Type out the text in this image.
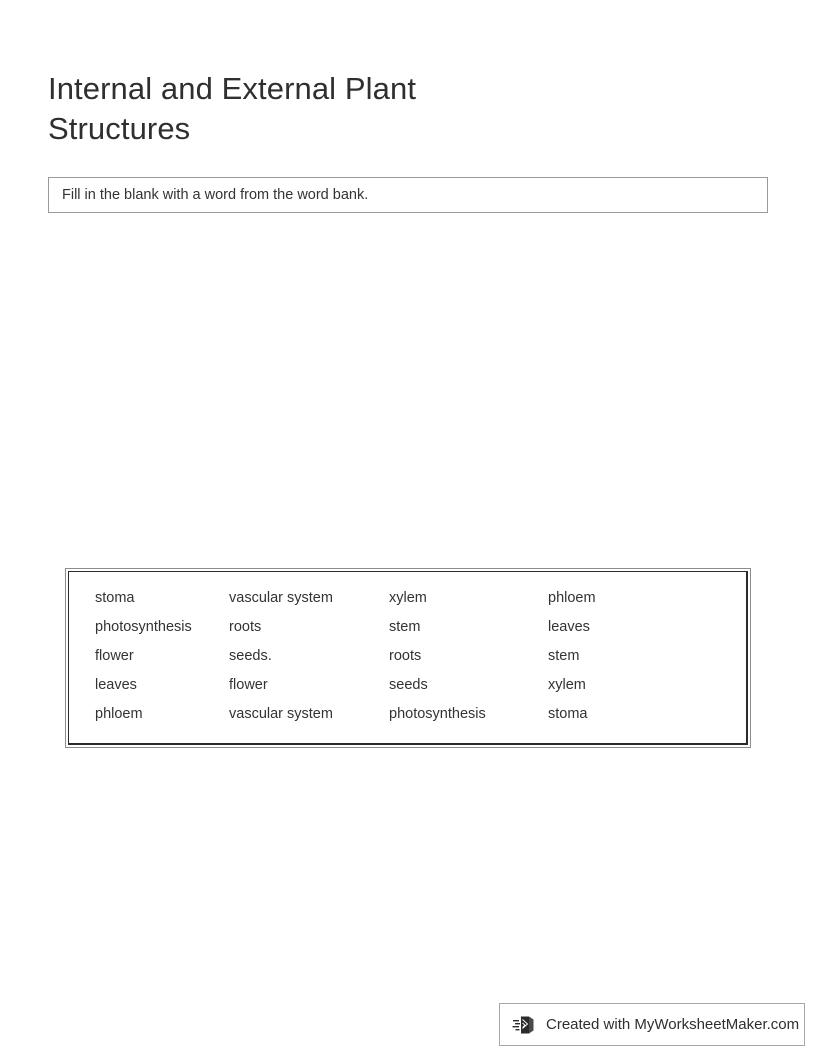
Internal and External Plant Structures
Fill in the blank with a word from the word bank.
stoma	vascular system	xylem	phloem
photosynthesis	roots	stem	leaves
flower	seeds.	roots	stem
leaves	flower	seeds	xylem
phloem	vascular system	photosynthesis	stoma
Created with MyWorksheetMaker.com
